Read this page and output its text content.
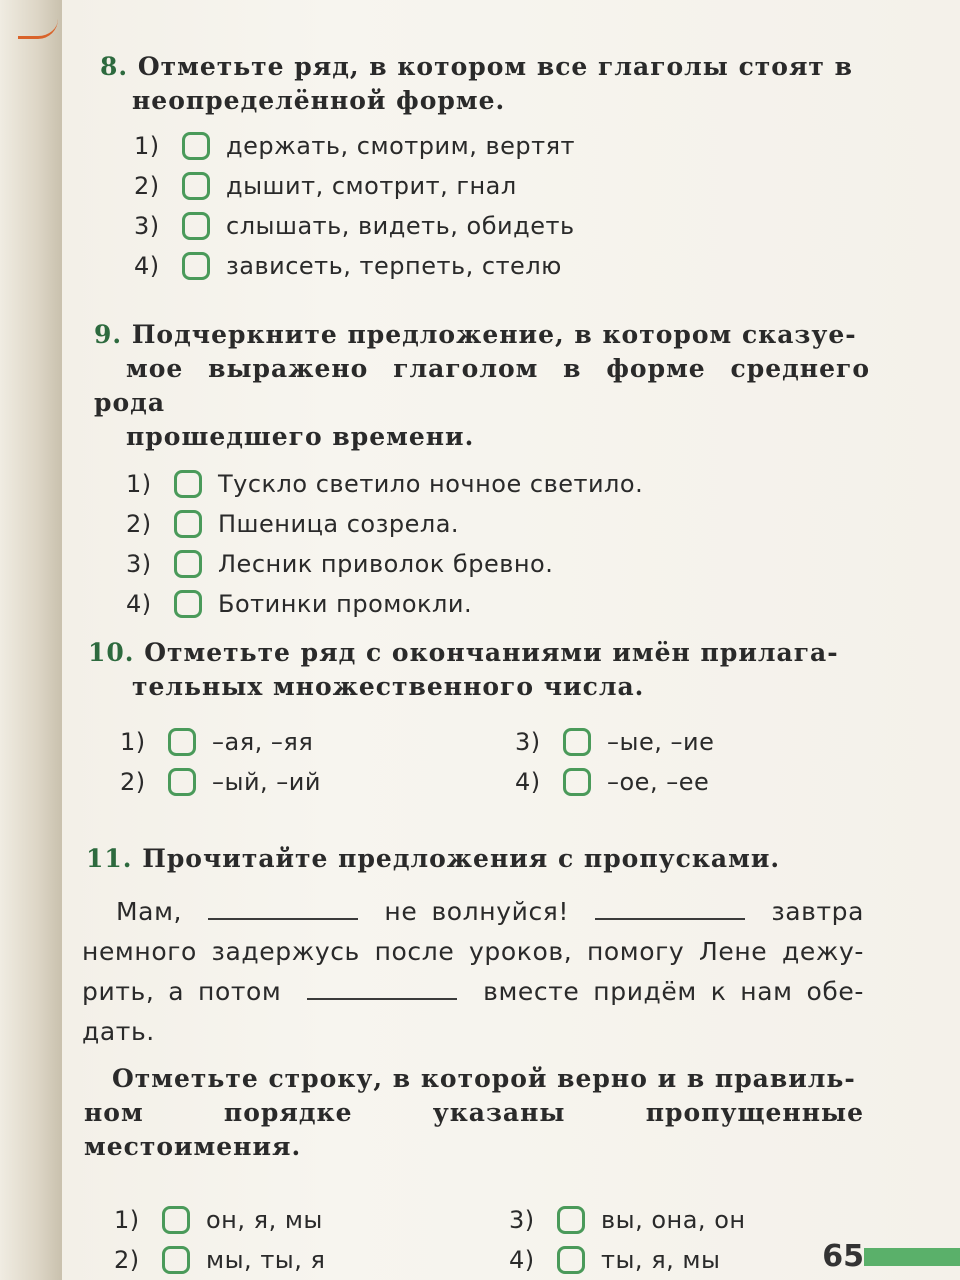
8. Отметьте ряд, в котором все глаголы стоят в
неопределённой форме.
1)	держать, смотрим, вертят
2)	дышит, смотрит, гнал
3)	слышать, видеть, обидеть
4)	зависеть, терпеть, стелю
9. Подчеркните предложение, в котором сказуе-
мое выражено глаголом в форме среднего рода
прошедшего времени.
1)	Тускло светило ночное светило.
2)	Пшеница созрела.
3)	Лесник приволок бревно.
4)	Ботинки промокли.
10. Отметьте ряд с окончаниями имён прилага-
тельных множественного числа.
1)	–ая, –яя	3)	–ые, –ие
2)	–ый, –ий	4)	–ое, –ее
11. Прочитайте предложения с пропусками.
Мам,	не волнуйся!	завтра немного задержусь после уроков, помогу Лене дежу-рить, а потом	вместе придём к нам обе-дать.
Отметьте строку, в которой верно и в правиль-
ном порядке указаны пропущенные местоимения.
1)	он, я, мы	3)	вы, она, он
2)	мы, ты, я	4)	ты, я, мы	65
